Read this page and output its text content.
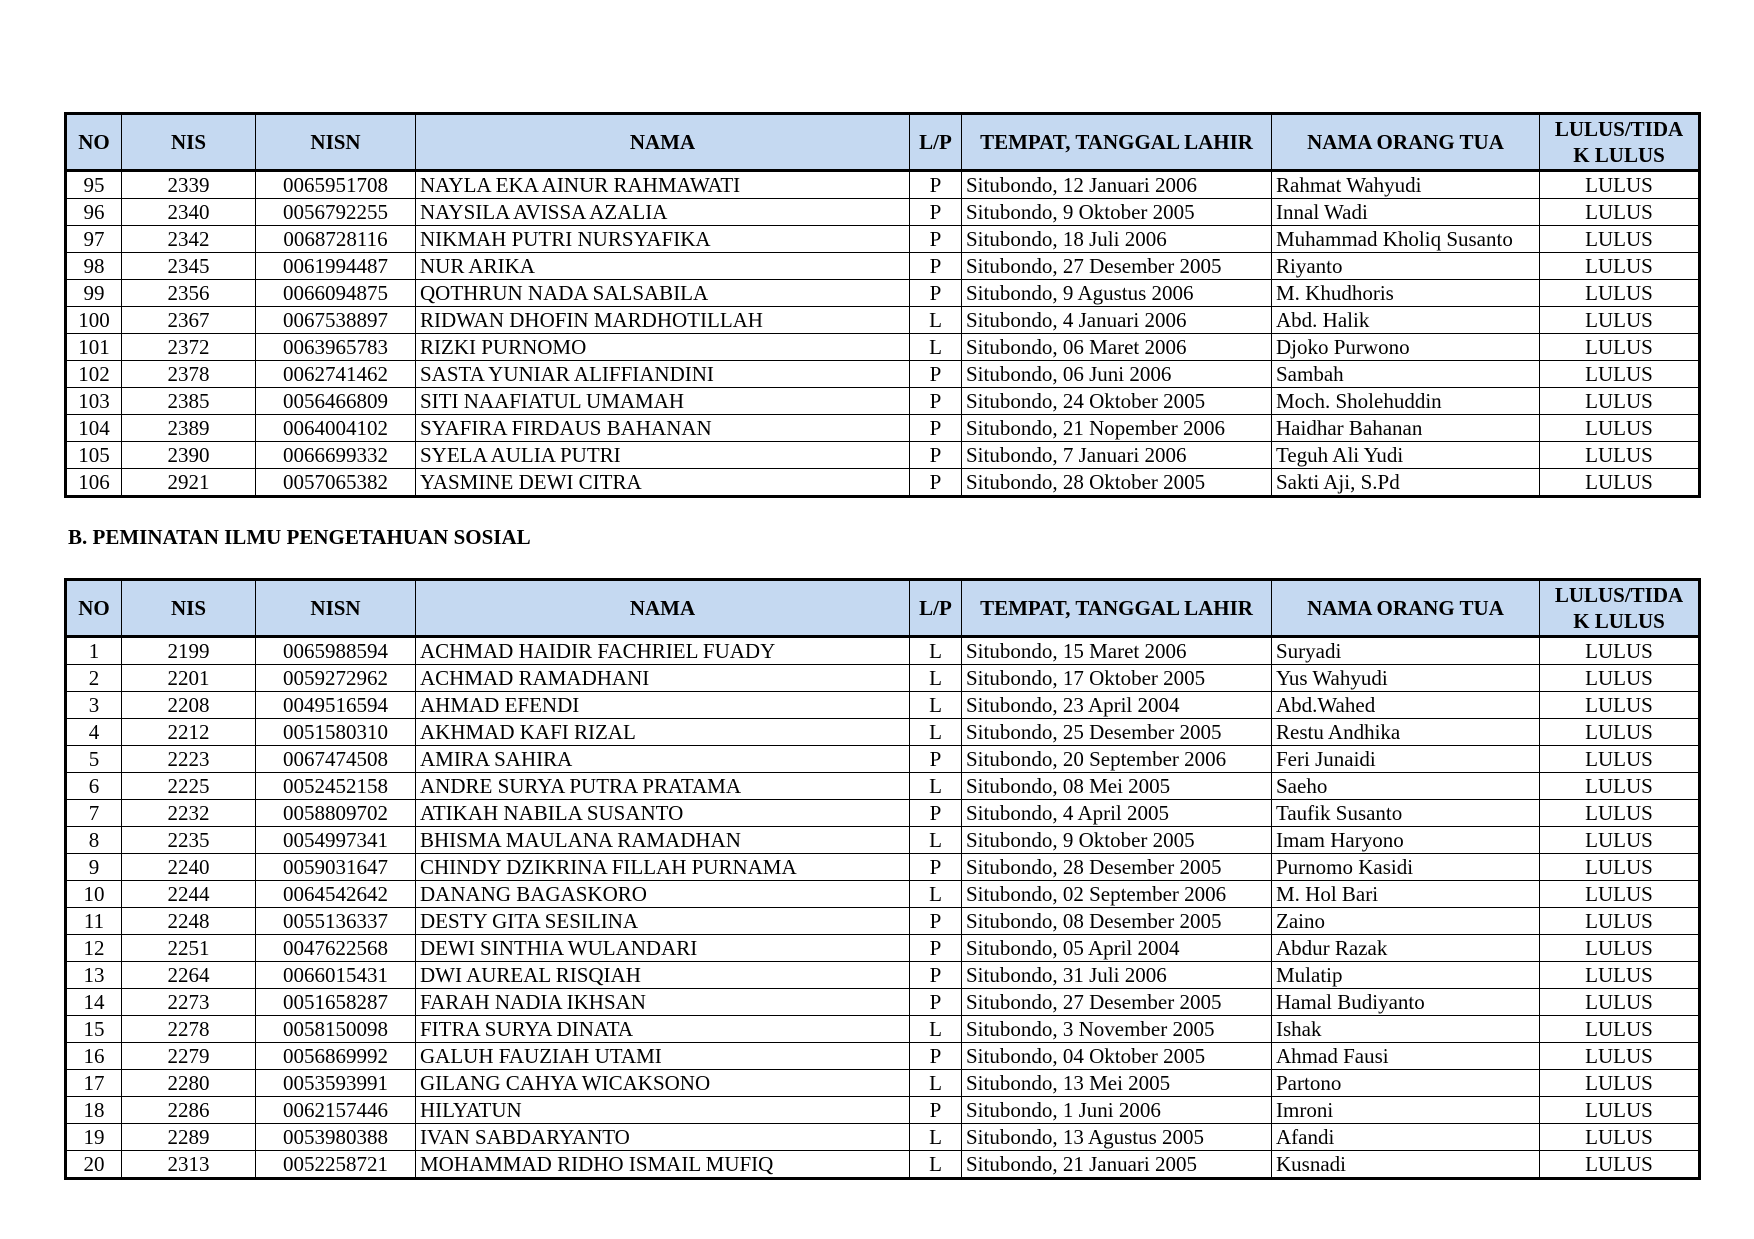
NO	NIS	NISN	NAMA	L/P	TEMPAT, TANGGAL LAHIR	NAMA ORANG TUA	LULUS/TIDA
K LULUS
95	2339	0065951708	NAYLA EKA AINUR RAHMAWATI	P	Situbondo, 12 Januari 2006	Rahmat Wahyudi	LULUS
96	2340	0056792255	NAYSILA AVISSA AZALIA	P	Situbondo, 9 Oktober 2005	Innal Wadi	LULUS
97	2342	0068728116	NIKMAH PUTRI NURSYAFIKA	P	Situbondo, 18 Juli 2006	Muhammad Kholiq Susanto	LULUS
98	2345	0061994487	NUR ARIKA	P	Situbondo, 27 Desember 2005	Riyanto	LULUS
99	2356	0066094875	QOTHRUN NADA SALSABILA	P	Situbondo, 9 Agustus 2006	M. Khudhoris	LULUS
100	2367	0067538897	RIDWAN DHOFIN MARDHOTILLAH	L	Situbondo, 4 Januari 2006	Abd. Halik	LULUS
101	2372	0063965783	RIZKI PURNOMO	L	Situbondo, 06 Maret 2006	Djoko Purwono	LULUS
102	2378	0062741462	SASTA YUNIAR ALIFFIANDINI	P	Situbondo, 06 Juni 2006	Sambah	LULUS
103	2385	0056466809	SITI NAAFIATUL UMAMAH	P	Situbondo, 24 Oktober 2005	Moch. Sholehuddin	LULUS
104	2389	0064004102	SYAFIRA FIRDAUS BAHANAN	P	Situbondo, 21 Nopember 2006	Haidhar Bahanan	LULUS
105	2390	0066699332	SYELA AULIA PUTRI	P	Situbondo, 7 Januari 2006	Teguh Ali Yudi	LULUS
106	2921	0057065382	YASMINE DEWI CITRA	P	Situbondo, 28 Oktober 2005	Sakti Aji, S.Pd	LULUS
B. PEMINATAN ILMU PENGETAHUAN SOSIAL
NO	NIS	NISN	NAMA	L/P	TEMPAT, TANGGAL LAHIR	NAMA ORANG TUA	LULUS/TIDA
K LULUS
1	2199	0065988594	ACHMAD HAIDIR FACHRIEL FUADY	L	Situbondo, 15 Maret 2006	Suryadi	LULUS
2	2201	0059272962	ACHMAD RAMADHANI	L	Situbondo, 17 Oktober 2005	Yus Wahyudi	LULUS
3	2208	0049516594	AHMAD EFENDI	L	Situbondo, 23 April 2004	Abd.Wahed	LULUS
4	2212	0051580310	AKHMAD KAFI RIZAL	L	Situbondo, 25 Desember 2005	Restu Andhika	LULUS
5	2223	0067474508	AMIRA SAHIRA	P	Situbondo, 20 September 2006	Feri Junaidi	LULUS
6	2225	0052452158	ANDRE SURYA PUTRA PRATAMA	L	Situbondo, 08 Mei 2005	Saeho	LULUS
7	2232	0058809702	ATIKAH NABILA SUSANTO	P	Situbondo, 4 April 2005	Taufik Susanto	LULUS
8	2235	0054997341	BHISMA MAULANA RAMADHAN	L	Situbondo, 9 Oktober 2005	Imam Haryono	LULUS
9	2240	0059031647	CHINDY DZIKRINA FILLAH PURNAMA	P	Situbondo, 28 Desember 2005	Purnomo Kasidi	LULUS
10	2244	0064542642	DANANG BAGASKORO	L	Situbondo, 02 September 2006	M. Hol Bari	LULUS
11	2248	0055136337	DESTY GITA SESILINA	P	Situbondo, 08 Desember 2005	Zaino	LULUS
12	2251	0047622568	DEWI SINTHIA WULANDARI	P	Situbondo, 05 April 2004	Abdur Razak	LULUS
13	2264	0066015431	DWI AUREAL RISQIAH	P	Situbondo, 31 Juli 2006	Mulatip	LULUS
14	2273	0051658287	FARAH NADIA IKHSAN	P	Situbondo, 27 Desember 2005	Hamal Budiyanto	LULUS
15	2278	0058150098	FITRA SURYA DINATA	L	Situbondo, 3 November 2005	Ishak	LULUS
16	2279	0056869992	GALUH FAUZIAH UTAMI	P	Situbondo, 04 Oktober 2005	Ahmad Fausi	LULUS
17	2280	0053593991	GILANG CAHYA WICAKSONO	L	Situbondo, 13 Mei 2005	Partono	LULUS
18	2286	0062157446	HILYATUN	P	Situbondo, 1 Juni 2006	Imroni	LULUS
19	2289	0053980388	IVAN SABDARYANTO	L	Situbondo, 13 Agustus 2005	Afandi	LULUS
20	2313	0052258721	MOHAMMAD RIDHO ISMAIL MUFIQ	L	Situbondo, 21 Januari 2005	Kusnadi	LULUS
